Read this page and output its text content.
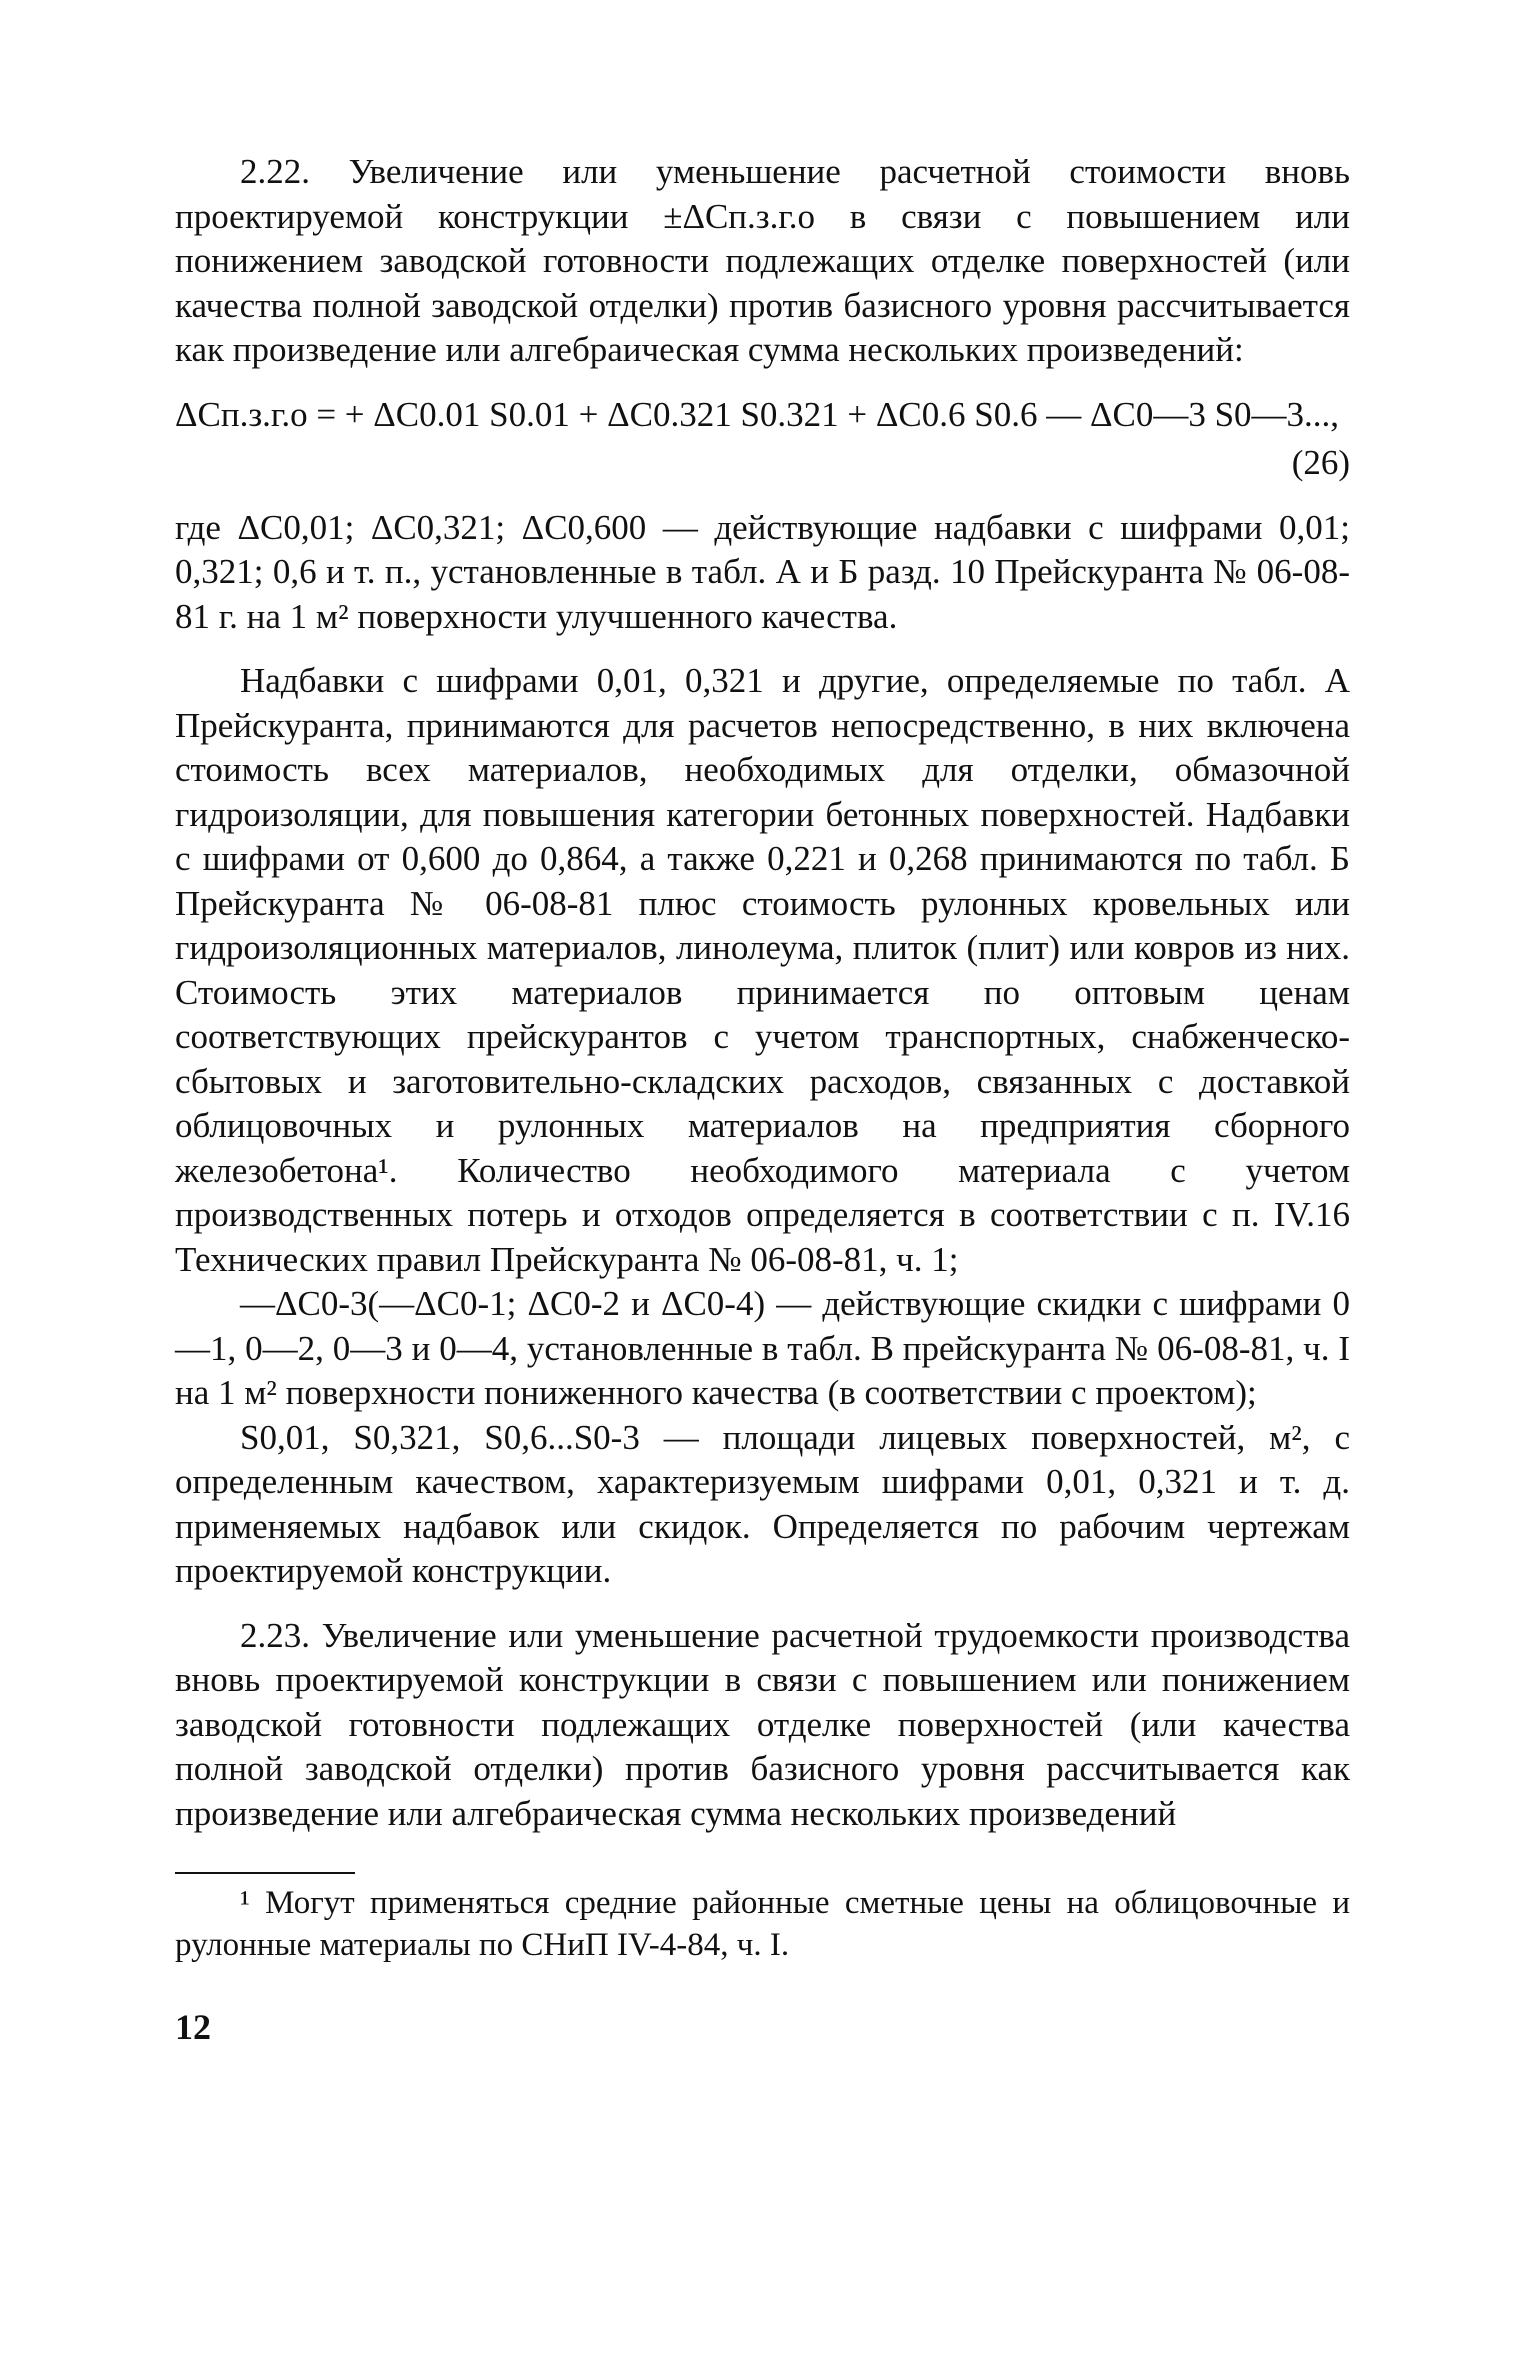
2.22. Увеличение или уменьшение расчетной стоимости вновь проектируемой конструкции ±ΔCп.з.г.о в связи с повышением или понижением заводской готовности подлежащих отделке поверхностей (или качества полной заводской отделки) против базисного уровня рассчитывается как произведение или алгебраическая сумма нескольких произведений:

ΔCп.з.г.о = + ΔC0.01 S0.01 + ΔC0.321 S0.321 + ΔC0.6 S0.6 — ΔC0—3 S0—3...,
(26)

где ΔC0,01; ΔC0,321; ΔC0,600 — действующие надбавки с шифрами 0,01; 0,321; 0,6 и т. п., установленные в табл. А и Б разд. 10 Прейскуранта № 06-08-81 г. на 1 м² поверхности улучшенного качества.

Надбавки с шифрами 0,01, 0,321 и другие, определяемые по табл. А Прейскуранта, принимаются для расчетов непосредственно, в них включена стоимость всех материалов, необходимых для отделки, обмазочной гидроизоляции, для повышения категории бетонных поверхностей. Надбавки с шифрами от 0,600 до 0,864, а также 0,221 и 0,268 принимаются по табл. Б Прейскуранта № 06-08-81 плюс стоимость рулонных кровельных или гидроизоляционных материалов, линолеума, плиток (плит) или ковров из них. Стоимость этих материалов принимается по оптовым ценам соответствующих прейскурантов с учетом транспортных, снабженческо-сбытовых и заготовительно-складских расходов, связанных с доставкой облицовочных и рулонных материалов на предприятия сборного железобетона¹. Количество необходимого материала с учетом производственных потерь и отходов определяется в соответствии с п. IV.16 Технических правил Прейскуранта № 06-08-81, ч. 1;

—ΔC0-3(—ΔC0-1; ΔC0-2 и ΔC0-4) — действующие скидки с шифрами 0—1, 0—2, 0—3 и 0—4, установленные в табл. В прейскуранта № 06-08-81, ч. I на 1 м² поверхности пониженного качества (в соответствии с проектом);

S0,01, S0,321, S0,6...S0-3 — площади лицевых поверхностей, м², с определенным качеством, характеризуемым шифрами 0,01, 0,321 и т. д. применяемых надбавок или скидок. Определяется по рабочим чертежам проектируемой конструкции.

2.23. Увеличение или уменьшение расчетной трудоемкости производства вновь проектируемой конструкции в связи с повышением или понижением заводской готовности подлежащих отделке поверхностей (или качества полной заводской отделки) против базисного уровня рассчитывается как произведение или алгебраическая сумма нескольких произведений

¹ Могут применяться средние районные сметные цены на облицовочные и рулонные материалы по СНиП IV-4-84, ч. I.

12
